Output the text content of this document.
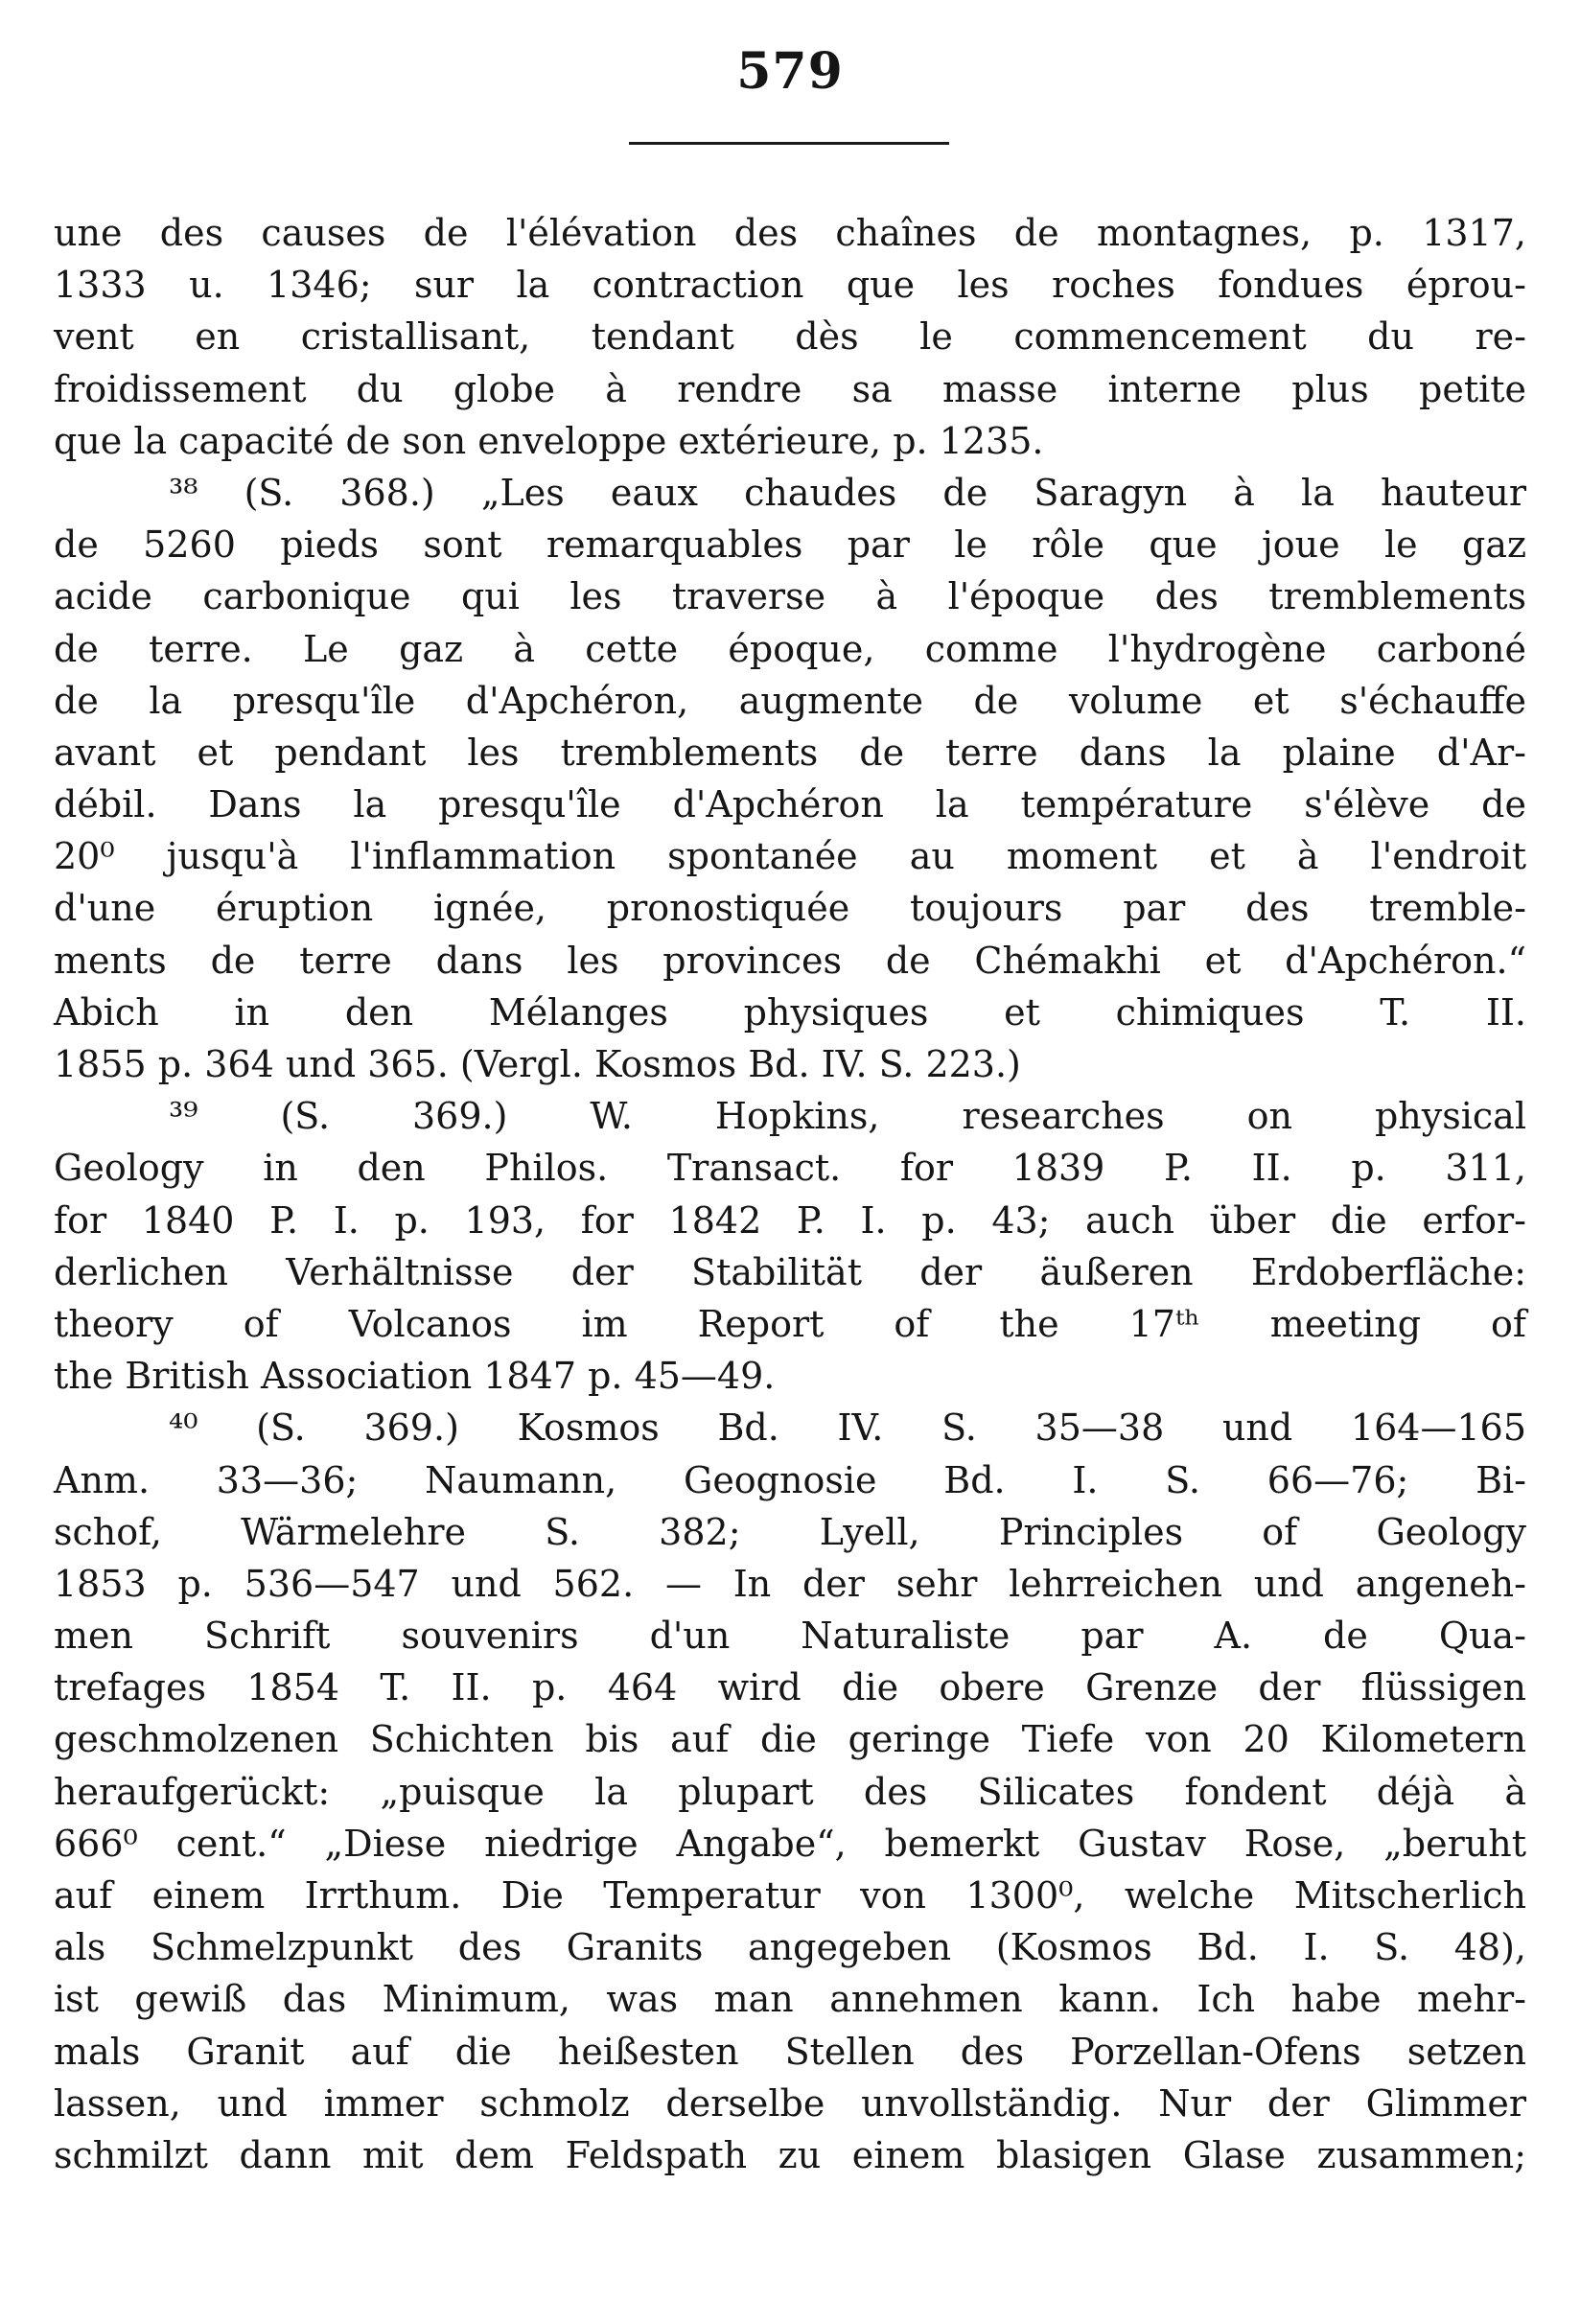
579
une des causes de l'élévation des chaînes de montagnes, p. 1317,
1333 u. 1346; sur la contraction que les roches fondues éprou-
vent en cristallisant, tendant dès le commencement du re-
froidissement du globe à rendre sa masse interne plus petite
que la capacité de son enveloppe extérieure, p. 1235.
³⁸ (S. 368.) „Les eaux chaudes de Saragyn à la hauteur
de 5260 pieds sont remarquables par le rôle que joue le gaz
acide carbonique qui les traverse à l'époque des tremblements
de terre. Le gaz à cette époque, comme l'hydrogène carboné
de la presqu'île d'Apchéron, augmente de volume et s'échauffe
avant et pendant les tremblements de terre dans la plaine d'Ar-
débil. Dans la presqu'île d'Apchéron la température s'élève de
20⁰ jusqu'à l'inflammation spontanée au moment et à l'endroit
d'une éruption ignée, pronostiquée toujours par des tremble-
ments de terre dans les provinces de Chémakhi et d'Apchéron.“
Abich in den Mélanges physiques et chimiques T. II.
1855 p. 364 und 365. (Vergl. Kosmos Bd. IV. S. 223.)
³⁹ (S. 369.) W. Hopkins, researches on physical
Geology in den Philos. Transact. for 1839 P. II. p. 311,
for 1840 P. I. p. 193, for 1842 P. I. p. 43; auch über die erfor-
derlichen Verhältnisse der Stabilität der äußeren Erdoberfläche:
theory of Volcanos im Report of the 17ᵗʰ meeting of
the British Association 1847 p. 45—49.
⁴⁰ (S. 369.) Kosmos Bd. IV. S. 35—38 und 164—165
Anm. 33—36; Naumann, Geognosie Bd. I. S. 66—76; Bi-
schof, Wärmelehre S. 382; Lyell, Principles of Geology
1853 p. 536—547 und 562. — In der sehr lehrreichen und angeneh-
men Schrift souvenirs d'un Naturaliste par A. de Qua-
trefages 1854 T. II. p. 464 wird die obere Grenze der flüssigen
geschmolzenen Schichten bis auf die geringe Tiefe von 20 Kilometern
heraufgerückt: „puisque la plupart des Silicates fondent déjà à
666⁰ cent.“ „Diese niedrige Angabe“, bemerkt Gustav Rose, „beruht
auf einem Irrthum. Die Temperatur von 1300⁰, welche Mitscherlich
als Schmelzpunkt des Granits angegeben (Kosmos Bd. I. S. 48),
ist gewiß das Minimum, was man annehmen kann. Ich habe mehr-
mals Granit auf die heißesten Stellen des Porzellan-Ofens setzen
lassen, und immer schmolz derselbe unvollständig. Nur der Glimmer
schmilzt dann mit dem Feldspath zu einem blasigen Glase zusammen;
